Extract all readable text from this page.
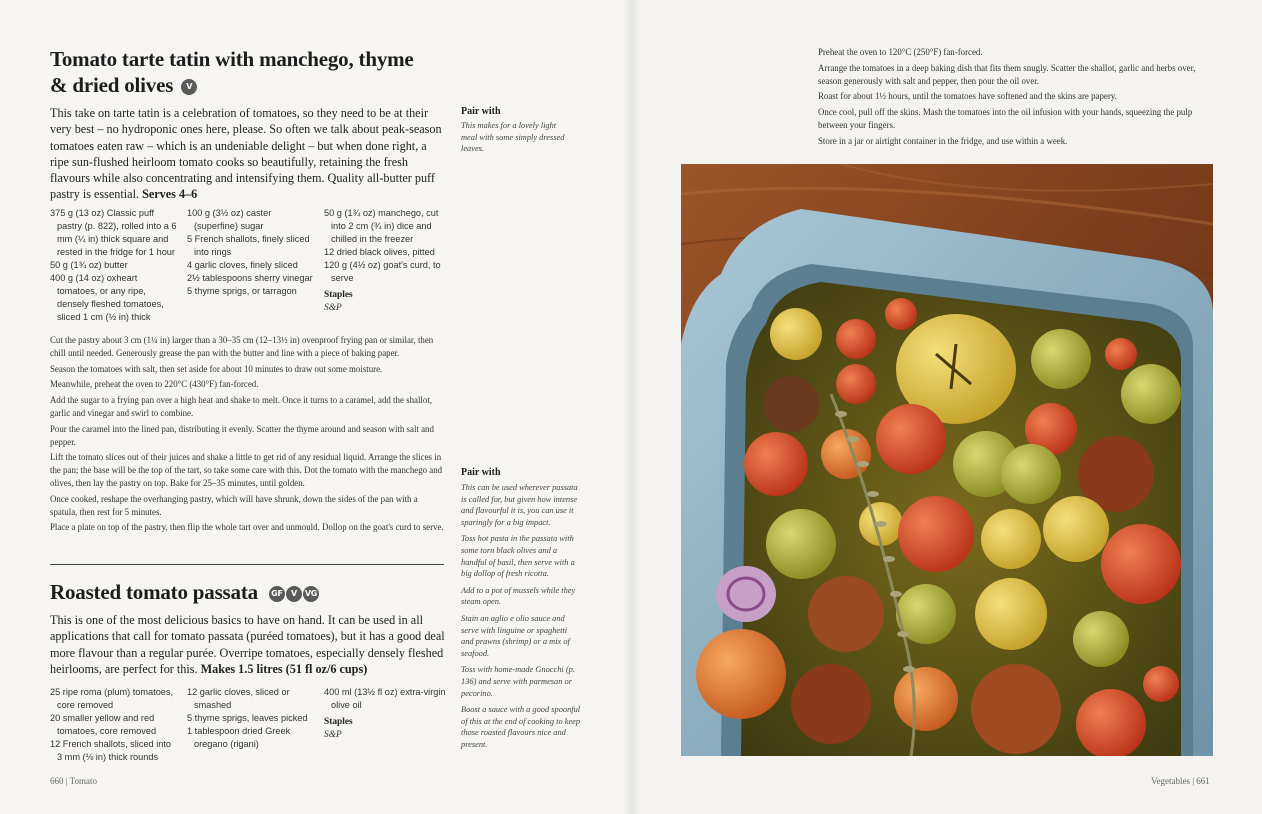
Tomato tarte tatin with manchego, thyme
& dried olives V
This take on tarte tatin is a celebration of tomatoes, so they need to be at their very best – no hydroponic ones here, please. So often we talk about peak-season tomatoes eaten raw – which is an undeniable delight – but when done right, a ripe sun-flushed heirloom tomato cooks so beautifully, retaining the fresh flavours while also concentrating and intensifying them. Quality all-butter puff pastry is essential. Serves 4–6
375 g (13 oz) Classic puff pastry (p. 822), rolled into a 6 mm (¼ in) thick square and rested in the fridge for 1 hour
50 g (1¾ oz) butter
400 g (14 oz) oxheart tomatoes, or any ripe, densely fleshed tomatoes, sliced 1 cm (½ in) thick
100 g (3½ oz) caster (superfine) sugar
5 French shallots, finely sliced into rings
4 garlic cloves, finely sliced
2½ tablespoons sherry vinegar
5 thyme sprigs, or tarragon
50 g (1¾ oz) manchego, cut into 2 cm (¾ in) dice and chilled in the freezer
12 dried black olives, pitted
120 g (4½ oz) goat's curd, to serve
Staples
S&P

Cut the pastry about 3 cm (1¼ in) larger than a 30–35 cm (12–13½ in) ovenproof frying pan or similar, then chill until needed. Generously grease the pan with the butter and line with a piece of baking paper.

Season the tomatoes with salt, then set aside for about 10 minutes to draw out some moisture.

Meanwhile, preheat the oven to 220°C (430°F) fan-forced.

Add the sugar to a frying pan over a high heat and shake to melt. Once it turns to a caramel, add the shallot, garlic and vinegar and swirl to combine.

Pour the caramel into the lined pan, distributing it evenly. Scatter the thyme around and season with salt and pepper.

Lift the tomato slices out of their juices and shake a little to get rid of any residual liquid. Arrange the slices in the pan; the base will be the top of the tart, so take some care with this. Dot the tomato with the manchego and olives, then lay the pastry on top. Bake for 25–35 minutes, until golden.

Once cooked, reshape the overhanging pastry, which will have shrunk, down the sides of the pan with a spatula, then rest for 5 minutes.

Place a plate on top of the pastry, then flip the whole tart over and unmould. Dollop on the goat's curd to serve.

Pair with

This makes for a lovely light meal with some simply dressed leaves.

Roasted tomato passata GF V VG
This is one of the most delicious basics to have on hand. It can be used in all applications that call for tomato passata (puréed tomatoes), but it has a good deal more flavour than a regular purée. Overripe tomatoes, especially densely fleshed heirlooms, are perfect for this. Makes 1.5 litres (51 fl oz/6 cups)
25 ripe roma (plum) tomatoes, core removed
20 smaller yellow and red tomatoes, core removed
12 French shallots, sliced into 3 mm (⅛ in) thick rounds
12 garlic cloves, sliced or smashed
5 thyme sprigs, leaves picked
1 tablespoon dried Greek oregano (rigani)
400 ml (13½ fl oz) extra-virgin olive oil
Staples
S&P
Pair with

This can be used wherever passata is called for, but given how intense and flavourful it is, you can use it sparingly for a big impact.

Toss hot pasta in the passata with some torn black olives and a handful of basil, then serve with a big dollop of fresh ricotta.

Add to a pot of mussels while they steam open.

Stain an aglio e olio sauce and serve with linguine or spaghetti and prawns (shrimp) or a mix of seafood.

Toss with home-made Gnocchi (p. 136) and serve with parmesan or pecorino.

Boost a sauce with a good spoonful of this at the end of cooking to keep those roasted flavours nice and present.

660 | Tomato

Preheat the oven to 120°C (250°F) fan-forced.

Arrange the tomatoes in a deep baking dish that fits them snugly. Scatter the shallot, garlic and herbs over, season generously with salt and pepper, then pour the oil over.

Roast for about 1½ hours, until the tomatoes have softened and the skins are papery.

Once cool, pull off the skins. Mash the tomatoes into the oil infusion with your hands, squeezing the pulp between your fingers.

Store in a jar or airtight container in the fridge, and use within a week.

Vegetables | 661
